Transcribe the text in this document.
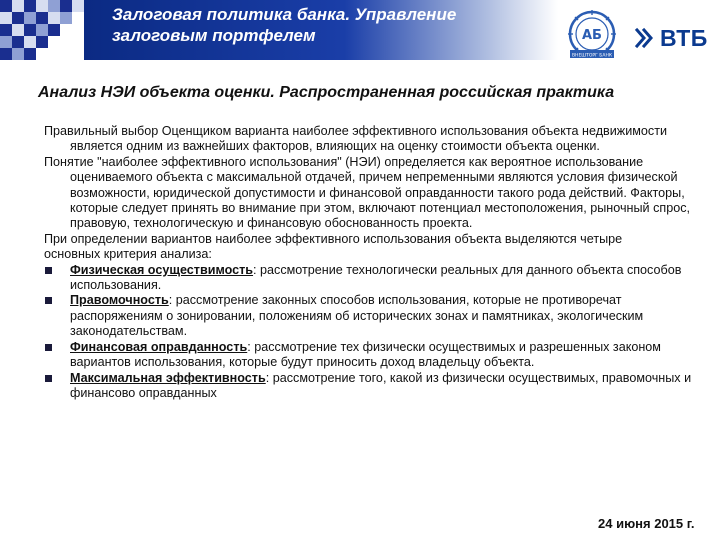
Залоговая политика банка. Управление залоговым портфелем	АБ
ВНЕШТОРГ БАНК
ВТБ
Анализ НЭИ объекта оценки. Распространенная российская практика

Правильный выбор Оценщиком варианта наиболее эффективного использования объекта недвижимости является одним из важнейших факторов, влияющих на оценку стоимости объекта оценки.

Понятие "наиболее эффективного использования" (НЭИ) определяется как вероятное использование оцениваемого объекта с максимальной отдачей, причем непременными являются условия физической возможности, юридической допустимости и финансовой оправданности такого рода действий. Факторы, которые следует принять во внимание при этом, включают потенциал местоположения, рыночный спрос, правовую, технологическую и финансовую обоснованность проекта.

При определении вариантов наиболее эффективного использования объекта выделяются четыре

основных критерия анализа:

Физическая осуществимость: рассмотрение технологически реальных для данного объекта способов использования.
Правомочность: рассмотрение законных способов использования, которые не противоречат распоряжениям о зонировании, положениям об исторических зонах и памятниках, экологическим законодательствам.
Финансовая оправданность: рассмотрение тех физически осуществимых и разрешенных законом вариантов использования, которые будут приносить доход владельцу объекта.
Максимальная эффективность: рассмотрение того, какой из физически осуществимых, правомочных и финансово оправданных
24 июня 2015 г.
